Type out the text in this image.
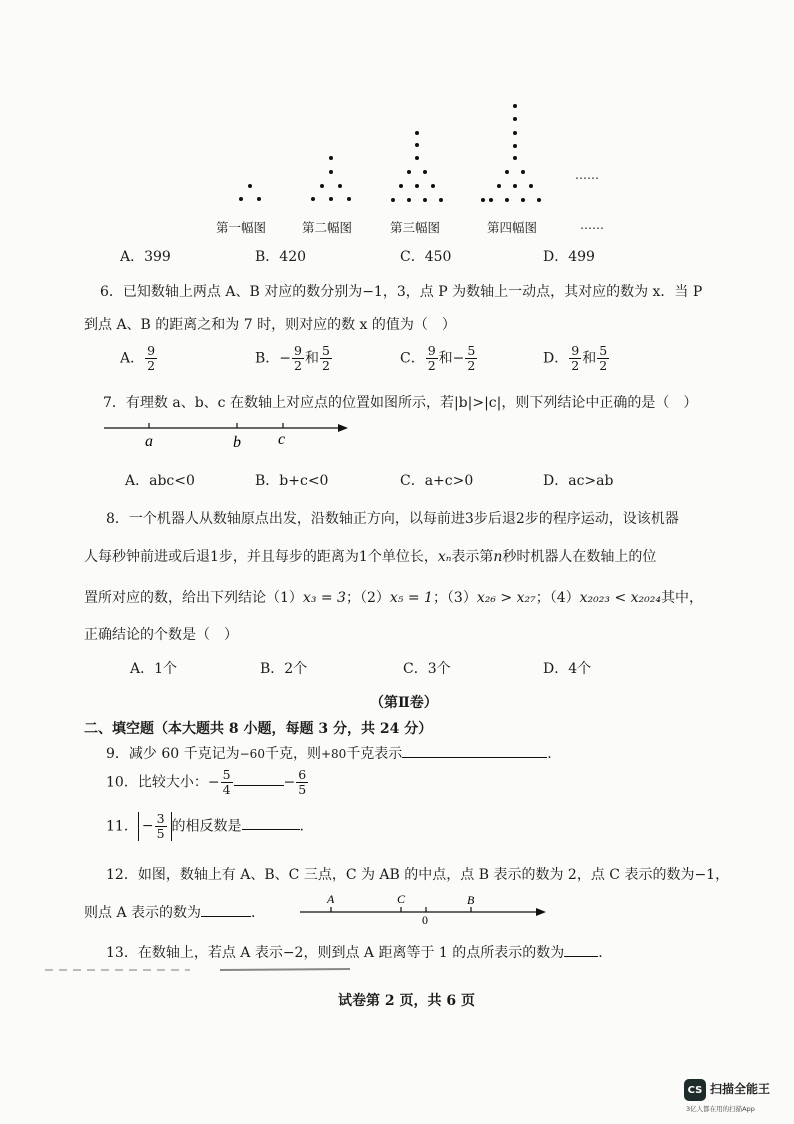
……
第一幅图	第二幅图	第三幅图	第四幅图	……
A．399	B．420	C．450	D．499
6．已知数轴上两点 A、B 对应的数分别为−1，3，点 P 为数轴上一动点，其对应的数为 x．当 P
到点 A、B 的距离之和为 7 时，则对应的数 x 的值为（　）
A． $\frac{9}{2}$	B．− $\frac{9}{2}$ 和 $\frac{5}{2}$	C． $\frac{9}{2}$ 和− $\frac{5}{2}$	D． $\frac{9}{2}$ 和 $\frac{5}{2}$
7．有理数 a、b、c 在数轴上对应点的位置如图所示，若|b|>|c|，则下列结论中正确的是（　）
a	b c
A．abc<0	B．b+c<0	C．a+c>0	D．ac>ab
8．一个机器人从数轴原点出发，沿数轴正方向，以每前进3步后退2步的程序运动，设该机器
人每秒钟前进或后退1步，并且每步的距离为1个单位长，xₙ表示第n秒时机器人在数轴上的位
置所对应的数，给出下列结论（1）x₃ = 3；（2）x₅ = 1；（3）x₂₆ > x₂₇；（4）x₂₀₂₃ < x₂₀₂₄其中，
正确结论的个数是（　）
A．1个	B．2个	C．3个	D．4个
（第Ⅱ卷）
二、填空题（本大题共 8 小题，每题 3 分，共 24 分）
9．减少 60 千克记为−60千克，则+80千克表示	.
10．比较大小：− $\frac{5}{4}$	− $\frac{6}{5}$
11． − $\frac{3}{5}$ 的相反数是	.
12．如图，数轴上有 A、B、C 三点，C 为 AB 的中点，点 B 表示的数为 2，点 C 表示的数为−1，
则点 A 表示的数为	．
A	C	B
0
13．在数轴上，若点 A 表示−2，则到点 A 距离等于 1 的点所表示的数为 .
试卷第 2 页，共 6 页
CS 扫描全能王
3亿人都在用的扫描App
